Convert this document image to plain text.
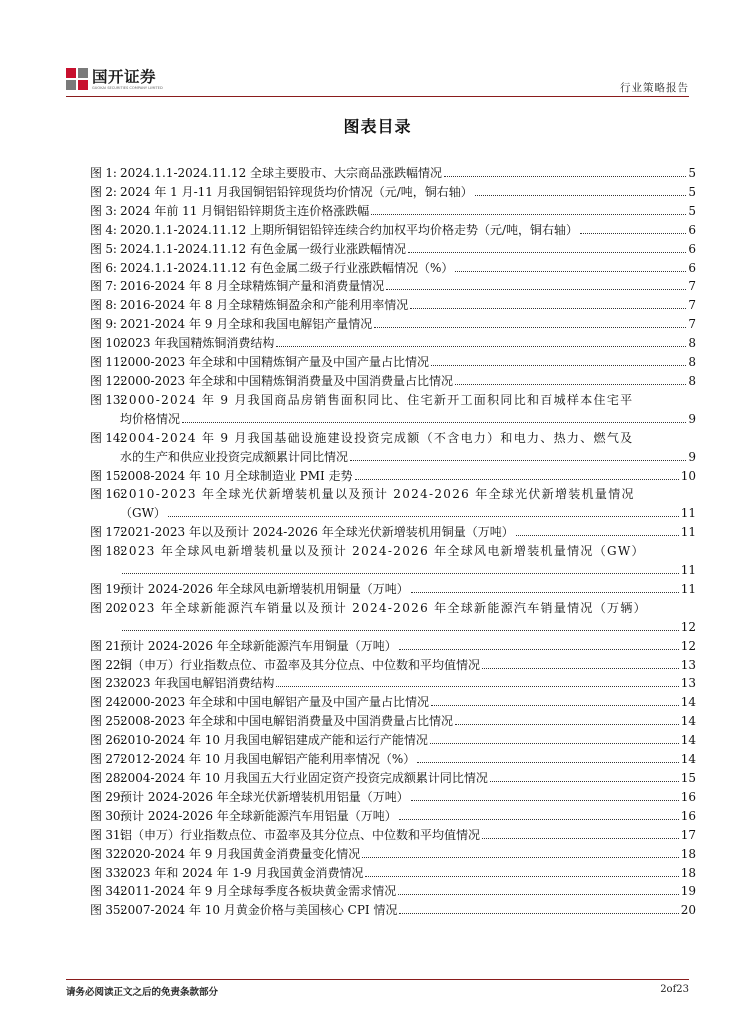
国开证券
GUOKAI SECURITIES COMPANY LIMITED	行业策略报告
图表目录
图 1: 2024.1.1-2024.11.12 全球主要股市、大宗商品涨跌幅情况	5
图 2: 2024 年 1 月-11 月我国铜铝铅锌现货均价情况（元/吨，铜右轴）	5
图 3: 2024 年前 11 月铜铝铅锌期货主连价格涨跌幅	5
图 4: 2020.1.1-2024.11.12 上期所铜铝铅锌连续合约加权平均价格走势（元/吨，铜右轴）	6
图 5: 2024.1.1-2024.11.12 有色金属一级行业涨跌幅情况	6
图 6: 2024.1.1-2024.11.12 有色金属二级子行业涨跌幅情况（%）	6
图 7: 2016-2024 年 8 月全球精炼铜产量和消费量情况	7
图 8: 2016-2024 年 8 月全球精炼铜盈余和产能利用率情况	7
图 9: 2021-2024 年 9 月全球和我国电解铝产量情况	7
图 10:
2023 年我国精炼铜消费结构	8
图 11:
2000-2023 年全球和中国精炼铜产量及中国产量占比情况	8
图 12:
2000-2023 年全球和中国精炼铜消费量及中国消费量占比情况	8
图 13:
2000-2024 年 9 月我国商品房销售面积同比、住宅新开工面积同比和百城样本住宅平
均价格情况	9
图 14:
2004-2024 年 9 月我国基础设施建设投资完成额（不含电力）和电力、热力、燃气及
水的生产和供应业投资完成额累计同比情况	9
图 15:
2008-2024 年 10 月全球制造业 PMI 走势	10
图 16:
2010-2023 年全球光伏新增装机量以及预计 2024-2026 年全球光伏新增装机量情况
（GW）	11
图 17:
2021-2023 年以及预计 2024-2026 年全球光伏新增装机用铜量（万吨）	11
图 18:
2023 年全球风电新增装机量以及预计 2024-2026 年全球风电新增装机量情况（GW）
11
图 19:
预计 2024-2026 年全球风电新增装机用铜量（万吨）	11
图 20:
2023 年全球新能源汽车销量以及预计 2024-2026 年全球新能源汽车销量情况（万辆）
12
图 21:
预计 2024-2026 年全球新能源汽车用铜量（万吨）	12
图 22:
铜（申万）行业指数点位、市盈率及其分位点、中位数和平均值情况	13
图 23:
2023 年我国电解铝消费结构	13
图 24:
2000-2023 年全球和中国电解铝产量及中国产量占比情况	14
图 25:
2008-2023 年全球和中国电解铝消费量及中国消费量占比情况	14
图 26:
2010-2024 年 10 月我国电解铝建成产能和运行产能情况	14
图 27:
2012-2024 年 10 月我国电解铝产能利用率情况（%）	14
图 28:
2004-2024 年 10 月我国五大行业固定资产投资完成额累计同比情况	15
图 29:
预计 2024-2026 年全球光伏新增装机用铝量（万吨）	16
图 30:
预计 2024-2026 年全球新能源汽车用铝量（万吨）	16
图 31:
铝（申万）行业指数点位、市盈率及其分位点、中位数和平均值情况	17
图 32:
2020-2024 年 9 月我国黄金消费量变化情况	18
图 33:
2023 年和 2024 年 1-9 月我国黄金消费情况	18
图 34:
2011-2024 年 9 月全球每季度各板块黄金需求情况	19
图 35:
2007-2024 年 10 月黄金价格与美国核心 CPI 情况	20
请务必阅读正文之后的免责条款部分	2of23
